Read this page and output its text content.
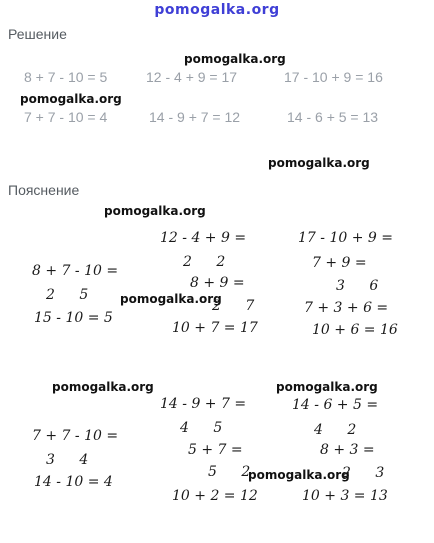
pomogalka.org
Решение
8 + 7 - 10 = 5	12 - 4 + 9 = 17	17 - 10 + 9 = 16
7 + 7 - 10 = 4	14 - 9 + 7 = 12	14 - 6 + 5 = 13
pomogalka.org
pomogalka.org
pomogalka.org
pomogalka.org
pomogalka.org
pomogalka.org	pomogalka.org
pomogalka.org
Пояснение
8 + 7 - 10 =
2 5
15 - 10 = 5
12 - 4 + 9 =
2 2
8 + 9 =
2 7
10 + 7 = 17
17 - 10 + 9 =
7 + 9 =
3 6
7 + 3 + 6 =
10 + 6 = 16
7 + 7 - 10 =
3 4
14 - 10 = 4
14 - 9 + 7 =
4 5
5 + 7 =
5 2
10 + 2 = 12
14 - 6 + 5 =
4 2
8 + 3 =
2 3
10 + 3 = 13
